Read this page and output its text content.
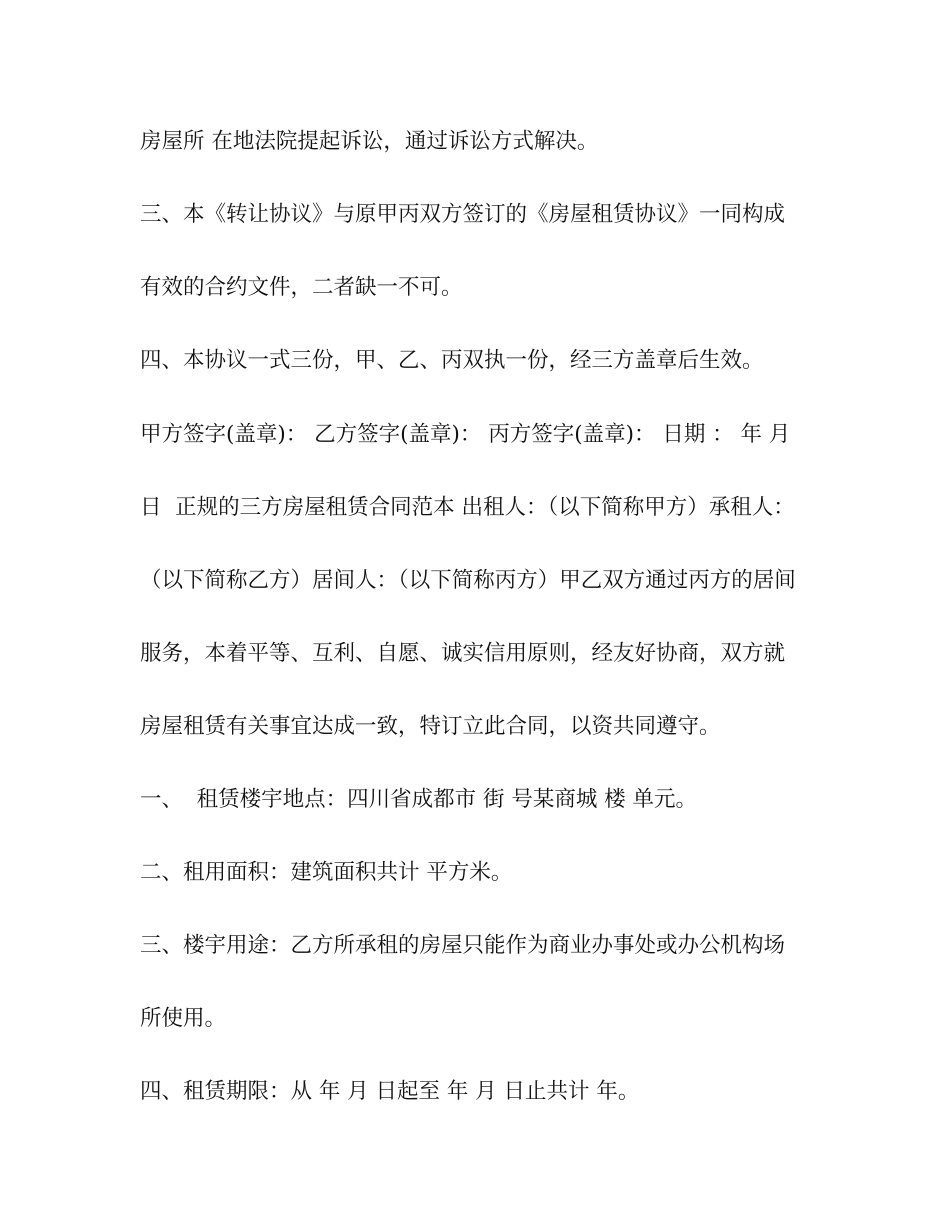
房屋所 在地法院提起诉讼，通过诉讼方式解决。
三、本《转让协议》与原甲丙双方签订的《房屋租赁协议》一同构成
有效的合约文件，二者缺一不可。
四、本协议一式三份，甲、乙、丙双执一份，经三方盖章后生效。
甲方签字(盖章)： 乙方签字(盖章)： 丙方签字(盖章)： 日期 ： 年 月
日  正规的三方房屋租赁合同范本 出租人：（以下简称甲方）承租人：
（以下简称乙方）居间人：（以下简称丙方）甲乙双方通过丙方的居间
服务，本着平等、互利、自愿、诚实信用原则，经友好协商，双方就
房屋租赁有关事宜达成一致，特订立此合同，以资共同遵守。
一、  租赁楼宇地点：四川省成都市 街 号某商城 楼 单元。
二、租用面积：建筑面积共计 平方米。
三、楼宇用途：乙方所承租的房屋只能作为商业办事处或办公机构场
所使用。
四、租赁期限：从 年 月 日起至 年 月 日止共计 年。
